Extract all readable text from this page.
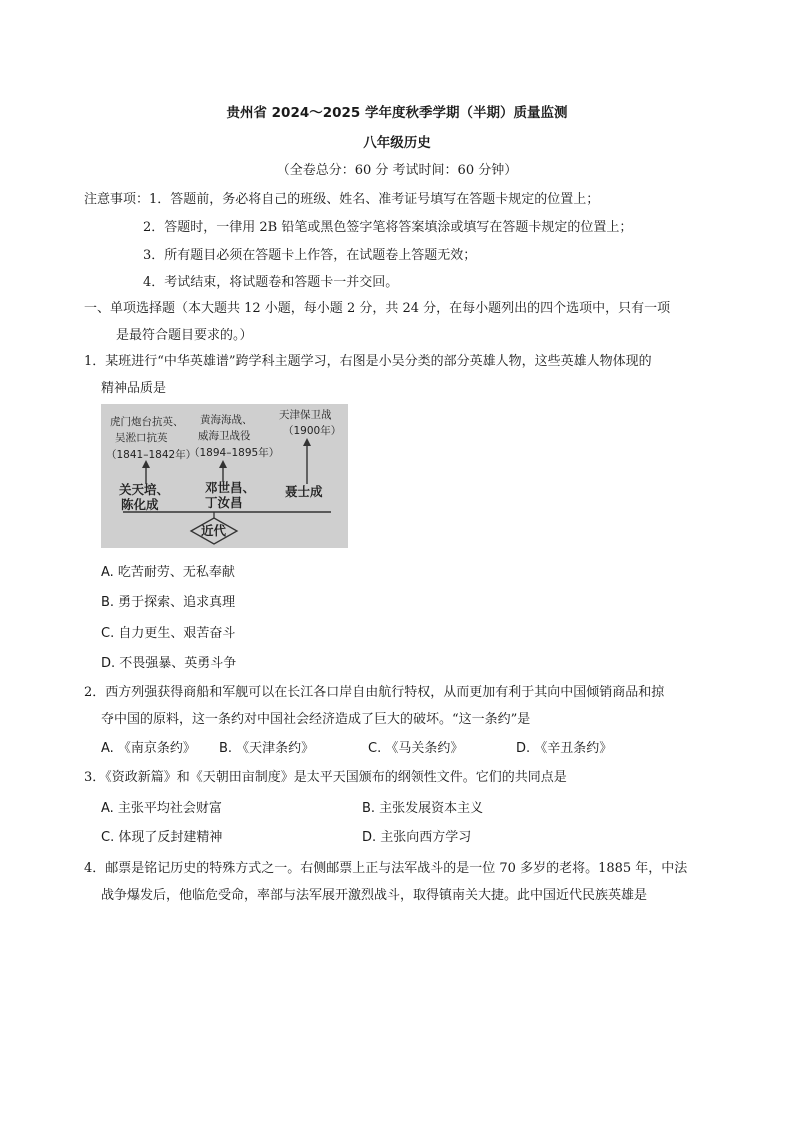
贵州省 2024～2025 学年度秋季学期（半期）质量监测
八年级历史
（全卷总分：60 分 考试时间：60 分钟）
注意事项：1．答题前，务必将自己的班级、姓名、准考证号填写在答题卡规定的位置上；
2．答题时，一律用 2B 铅笔或黑色签字笔将答案填涂或填写在答题卡规定的位置上；
3．所有题目必须在答题卡上作答，在试题卷上答题无效；
4．考试结束，将试题卷和答题卡一并交回。
一、单项选择题（本大题共 12 小题，每小题 2 分，共 24 分，在每小题列出的四个选项中，只有一项
是最符合题目要求的。）
1．某班进行“中华英雄谱”跨学科主题学习，右图是小吴分类的部分英雄人物，这些英雄人物体现的
精神品质是
虎门炮台抗英、
吴淞口抗英
（1841–1842年）
黄海海战、
威海卫战役
（1894–1895年）
天津保卫战
（1900年）
关天培、
陈化成
邓世昌、
丁汝昌
聂士成
近代
A. 吃苦耐劳、无私奉献
B. 勇于探索、追求真理
C. 自力更生、艰苦奋斗
D. 不畏强暴、英勇斗争
2．西方列强获得商船和军舰可以在长江各口岸自由航行特权，从而更加有利于其向中国倾销商品和掠
夺中国的原料，这一条约对中国社会经济造成了巨大的破坏。“这一条约”是
A. 《南京条约》 B. 《天津条约》	C. 《马关条约》	D. 《辛丑条约》
3．《资政新篇》和《天朝田亩制度》是太平天国颁布的纲领性文件。它们的共同点是
A. 主张平均社会财富	B. 主张发展资本主义
C. 体现了反封建精神	D. 主张向西方学习
4．邮票是铭记历史的特殊方式之一。右侧邮票上正与法军战斗的是一位 70 多岁的老将。1885 年，中法
战争爆发后，他临危受命，率部与法军展开激烈战斗，取得镇南关大捷。此中国近代民族英雄是
